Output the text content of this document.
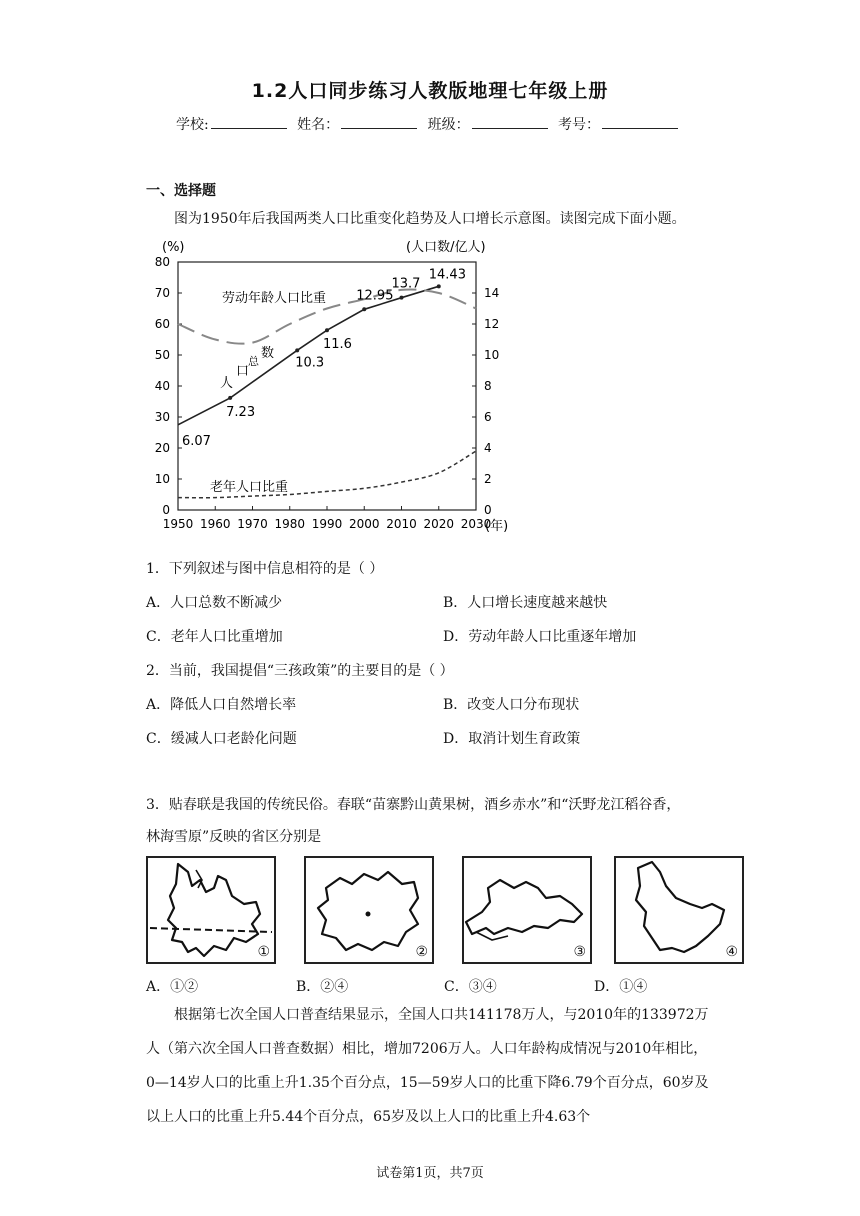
1.2人口同步练习人教版地理七年级上册
学校:	姓名：	班级：	考号：
一、选择题
图为1950年后我国两类人口比重变化趋势及人口增长示意图。读图完成下面小题。
(%)	(人口数/亿人)
(年)
1950 1960 1970 1980 1990 2000 2010 2020 2030
0
10
20
30
40
50
60
70
80
0
2
4
6
8
10
12
14
6.07
7.23
10.3
11.6
12.95
13.7
14.43
劳动年龄人口比重
老年人口比重
人
口
总
数
1．下列叙述与图中信息相符的是（ ）
A．人口总数不断减少	B．人口增长速度越来越快
C．老年人口比重增加	D．劳动年龄人口比重逐年增加
2．当前，我国提倡“三孩政策”的主要目的是（ ）
A．降低人口自然增长率	B．改变人口分布现状
C．缓减人口老龄化问题	D．取消计划生育政策
3．贴春联是我国的传统民俗。春联“苗寨黔山黄果树，酒乡赤水”和“沃野龙江稻谷香，
林海雪原”反映的省区分别是
①	②	③	④
A．①②	B．②④	C．③④	D．①④
根据第七次全国人口普查结果显示，全国人口共141178万人，与2010年的133972万人（第六次全国人口普查数据）相比，增加7206万人。人口年龄构成情况与2010年相比，0—14岁人口的比重上升1.35个百分点，15—59岁人口的比重下降6.79个百分点，60岁及以上人口的比重上升5.44个百分点，65岁及以上人口的比重上升4.63个
试卷第1页，共7页
